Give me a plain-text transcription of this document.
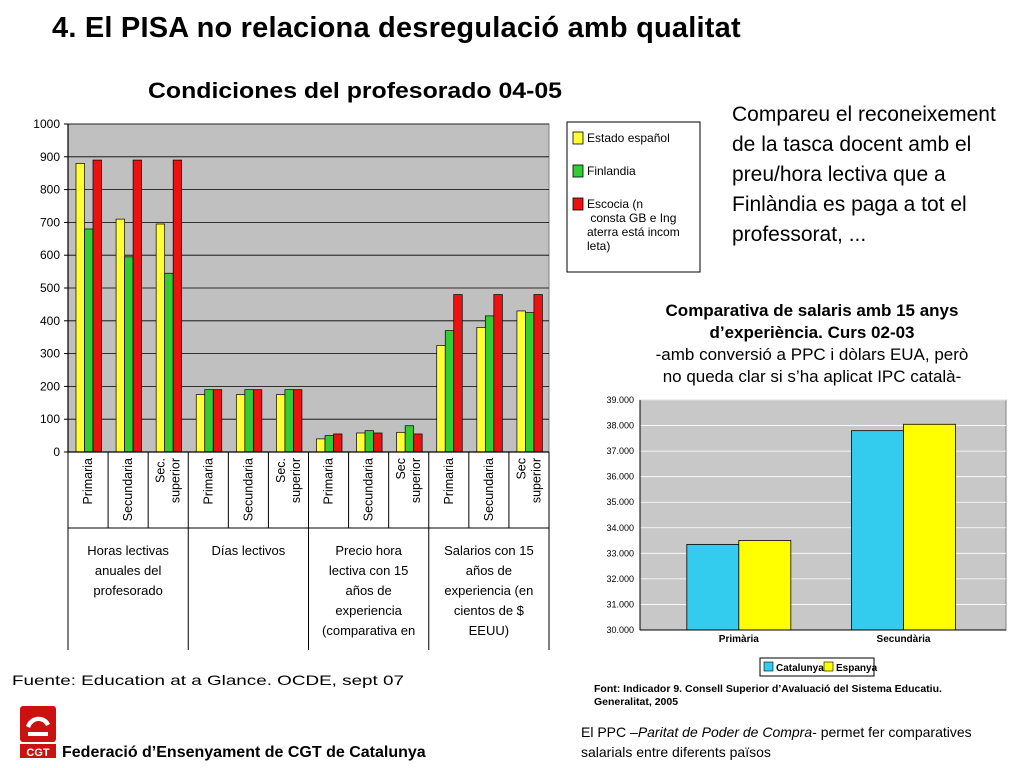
4. El PISA no relaciona desregulació amb qualitat
Condiciones del profesorado 04-05
0
100
200
300
400
500
600
700
800
900
1000
Primaria Secundaria Sec. superior
Horas lectivas
anuales del
profesorado
Primaria Secundaria Sec. superior
Días lectivos
Primaria Secundaria Sec superior
Precio hora
lectiva con 15
años de
experiencia
(comparativa en
Primaria Secundaria Sec superior
Salarios con 15
años de
experiencia (en
cientos de $
EEUU)
Estado español
Finlandia
Escocia (n consta GB e Ing aterra está incom leta)
Fuente: Education at a Glance. OCDE, sept 07
Compareu el reconeixement de la tasca docent amb el preu/hora lectiva que a Finlàndia es paga a tot el professorat, ...
Comparativa de salaris amb 15 anys
d’experiència. Curs 02-03
-amb conversió a PPC i dòlars EUA, però
no queda clar si s’ha aplicat IPC català-
30.000
31.000
32.000
33.000
34.000
35.000
36.000
37.000
38.000
39.000
Primària	Secundària
Catalunya Espanya
Font: Indicador 9. Consell Superior d’Avaluació del Sistema Educatiu.
Generalitat, 2005
CGT Federació d’Ensenyament de CGT de Catalunya
El PPC –Paritat de Poder de Compra- permet fer comparatives salarials entre diferents països
